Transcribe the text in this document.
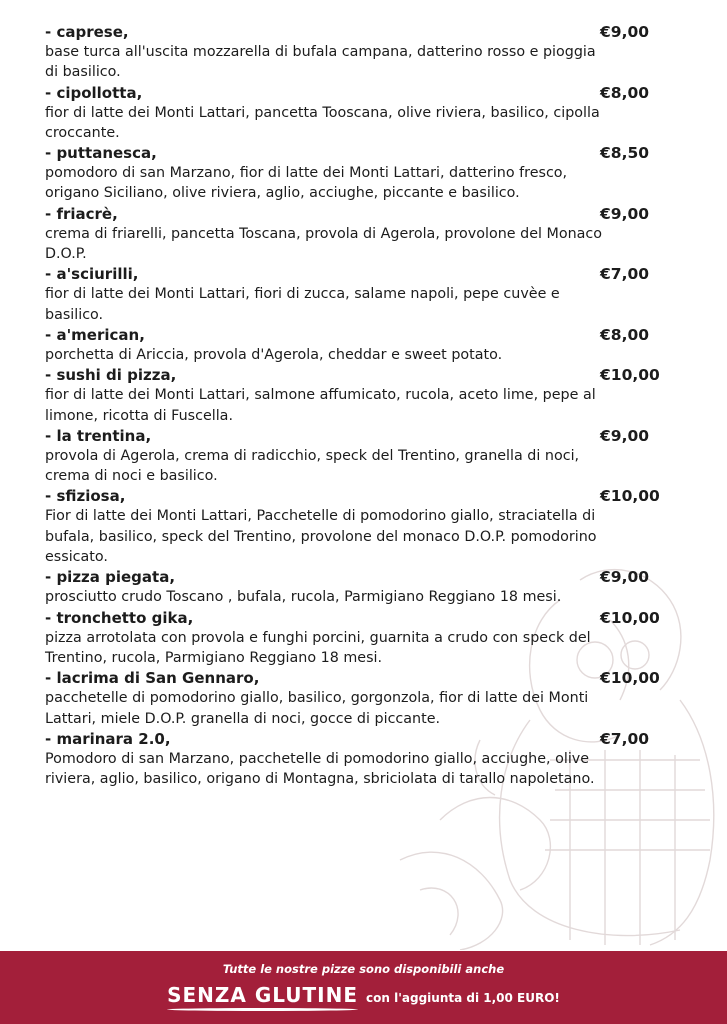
- caprese,	€9,00
base turca all'uscita mozzarella di bufala campana, datterino rosso e pioggia di basilico.
- cipollotta,	€8,00
fior di latte dei Monti Lattari, pancetta Tooscana, olive riviera, basilico, cipolla croccante.
- puttanesca,	€8,50
pomodoro di san Marzano, fior di latte dei Monti Lattari, datterino fresco, origano Siciliano, olive riviera, aglio, acciughe, piccante e basilico.
- friacrè,	€9,00
crema di friarelli, pancetta Toscana, provola di Agerola, provolone del Monaco D.O.P.
- a'sciurilli,	€7,00
fior di latte dei Monti Lattari, fiori di zucca, salame napoli, pepe cuvèe e basilico.
- a'merican,	€8,00
porchetta di Ariccia, provola d'Agerola, cheddar e sweet potato.
- sushi di pizza,	€10,00
fior di latte dei Monti Lattari, salmone affumicato, rucola, aceto lime, pepe al limone, ricotta di Fuscella.
- la trentina,	€9,00
provola di Agerola, crema di radicchio, speck del Trentino, granella di noci, crema di noci e basilico.
- sfiziosa,	€10,00
Fior di latte dei Monti Lattari, Pacchetelle di pomodorino giallo, straciatella di bufala, basilico, speck del Trentino, provolone del monaco D.O.P. pomodorino essicato.
- pizza piegata,	€9,00
prosciutto crudo Toscano , bufala, rucola, Parmigiano Reggiano 18 mesi.
- tronchetto gika,	€10,00
pizza arrotolata con provola e funghi porcini, guarnita a crudo con speck del Trentino, rucola, Parmigiano Reggiano 18 mesi.
- lacrima di San Gennaro,	€10,00
pacchetelle di pomodorino giallo, basilico, gorgonzola, fior di latte dei Monti Lattari, miele D.O.P. granella di noci, gocce di piccante.
- marinara 2.0,	€7,00
Pomodoro di san Marzano, pacchetelle di pomodorino giallo, acciughe, olive riviera, aglio, basilico, origano di Montagna, sbriciolata di tarallo napoletano.
Tutte le nostre pizze sono disponibili anche
SENZA GLUTINE con l'aggiunta di 1,00 EURO!
